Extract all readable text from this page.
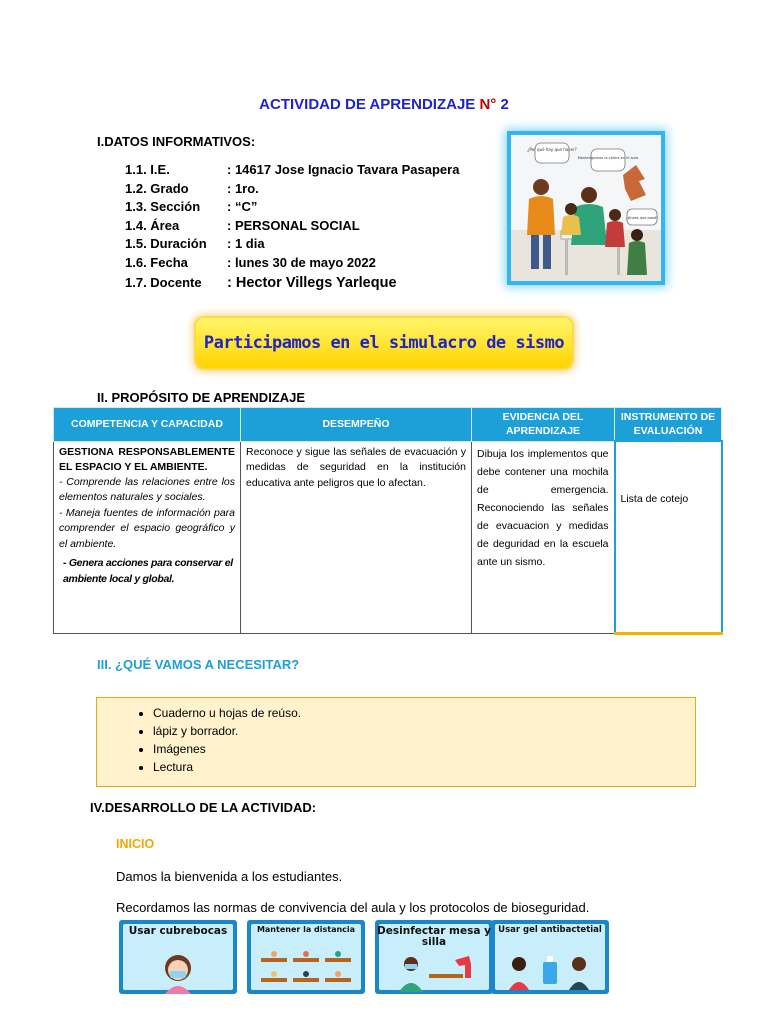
ACTIVIDAD DE APRENDIZAJE N° 2
I.DATOS INFORMATIVOS:
1.1. I.E.	: 14617 Jose Ignacio Tavara Pasapera
1.2. Grado	: 1ro.
1.3. Sección : “C”
1.4. Área	: PERSONAL SOCIAL
1.5. Duración : 1 dia
1.6. Fecha	: lunes 30 de mayo 2022
1.7. Docente : Hector Villegs Yarleque
¿Por qué hay que hacer?
Mantengamos la calma en el aula
¿Ahora que pasó?
Participamos en el simulacro de sismo
II. PROPÓSITO DE APRENDIZAJE
COMPETENCIA Y CAPACIDAD	DESEMPEÑO	EVIDENCIA DEL APRENDIZAJE	INSTRUMENTO DE EVALUACIÓN

GESTIONA RESPONSABLEMENTE EL ESPACIO Y EL AMBIENTE.
- Comprende las relaciones entre los elementos naturales y sociales.
- Maneja fuentes de información para comprender el espacio geográfico y el ambiente.
- Genera acciones para conservar el ambiente local y global.	Reconoce y sigue las señales de evacuación y medidas de seguridad en la institución educativa ante peligros que lo afectan.	Dibuja los implementos que debe contener una mochila de emergencia. Reconociendo las señales de evacuacion y medidas de deguridad en la escuela ante un sismo.	Lista de cotejo
III. ¿QUÉ VAMOS A NECESITAR?
• Cuaderno u hojas de reúso.
• lápiz y borrador.
• Imágenes
• Lectura
IV.DESARROLLO DE LA ACTIVIDAD:
INICIO
Damos la bienvenida a los estudiantes.
Recordamos las normas de convivencia del aula y los protocolos de bioseguridad.
Usar cubrebocas	Mantener la distancia	Desinfectar mesa y silla
Usar gel antibactetial
